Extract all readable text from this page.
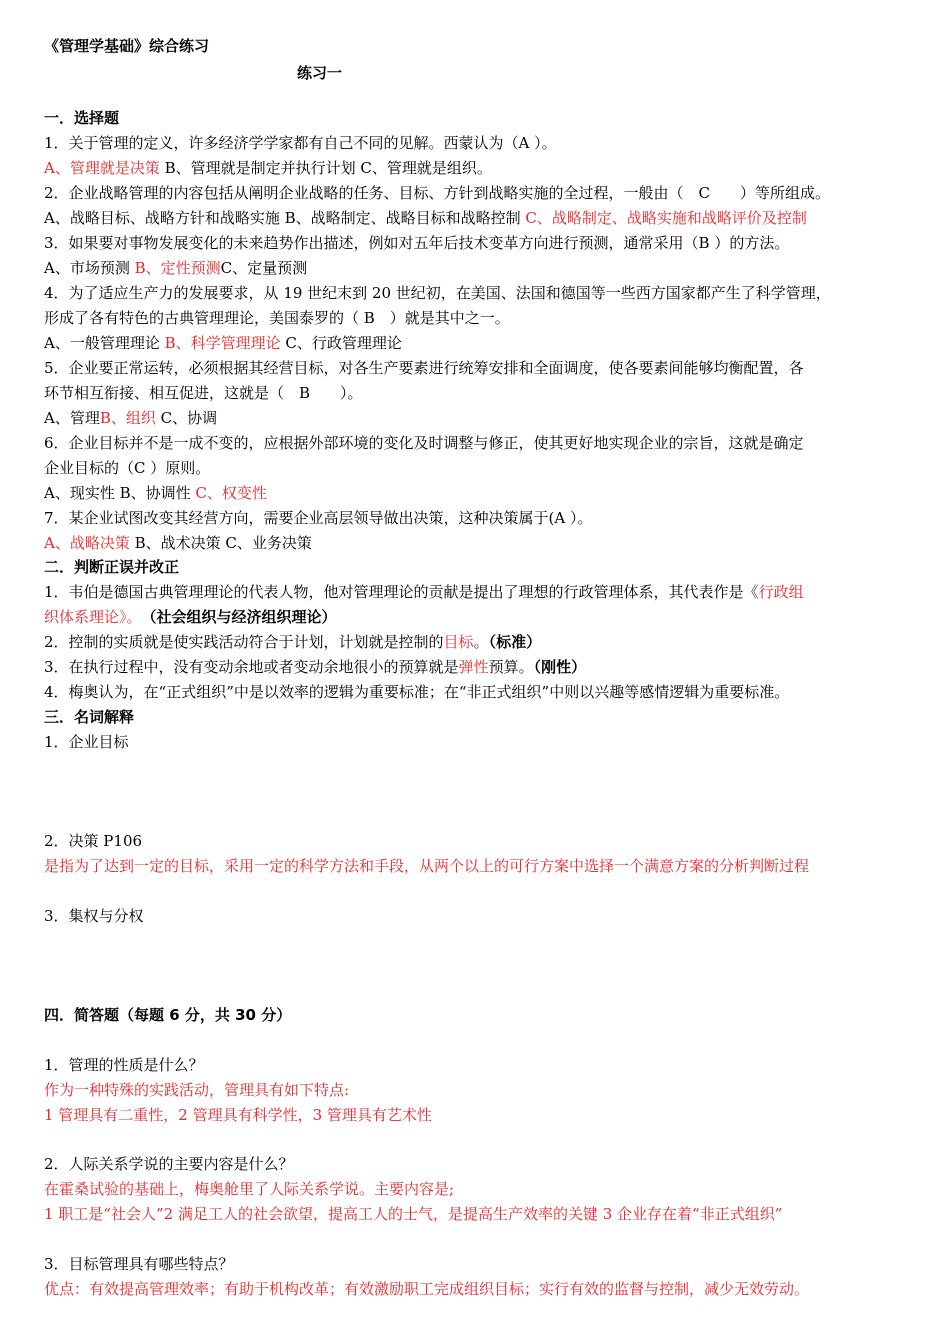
《管理学基础》综合练习
练习一
一．选择题
1．关于管理的定义，许多经济学学家都有自己不同的见解。西蒙认为（A ）。
A、管理就是决策 B、管理就是制定并执行计划 C、管理就是组织。
2．企业战略管理的内容包括从阐明企业战略的任务、目标、方针到战略实施的全过程，一般由（　C　　）等所组成。
A、战略目标、战略方针和战略实施 B、战略制定、战略目标和战略控制 C、战略制定、战略实施和战略评价及控制
3．如果要对事物发展变化的未来趋势作出描述，例如对五年后技术变革方向进行预测，通常采用（B ）的方法。
A、市场预测 B、定性预测C、定量预测
4．为了适应生产力的发展要求，从 19 世纪末到 20 世纪初，在美国、法国和德国等一些西方国家都产生了科学管理，
形成了各有特色的古典管理理论，美国泰罗的（ B　）就是其中之一。
A、一般管理理论 B、科学管理理论 C、行政管理理论
5．企业要正常运转，必须根据其经营目标，对各生产要素进行统筹安排和全面调度，使各要素间能够均衡配置，各
环节相互衔接、相互促进，这就是（　B　　）。
A、管理B、组织 C、协调
6．企业目标并不是一成不变的，应根据外部环境的变化及时调整与修正，使其更好地实现企业的宗旨，这就是确定
企业目标的（C ）原则。
A、现实性 B、协调性 C、权变性
7．某企业试图改变其经营方向，需要企业高层领导做出决策，这种决策属于(A ）。
A、战略决策 B、战术决策 C、业务决策
二．判断正误并改正
1．韦伯是德国古典管理理论的代表人物，他对管理理论的贡献是提出了理想的行政管理体系，其代表作是《行政组
织体系理论》。　（社会组织与经济组织理论）
2．控制的实质就是使实践活动符合于计划，计划就是控制的目标。（标准）
3．在执行过程中，没有变动余地或者变动余地很小的预算就是弹性预算。（刚性）
4．梅奥认为，在“正式组织”中是以效率的逻辑为重要标准；在“非正式组织”中则以兴趣等感情逻辑为重要标准。
三．名词解释
1．企业目标
2．决策 P106
是指为了达到一定的目标，采用一定的科学方法和手段，从两个以上的可行方案中选择一个满意方案的分析判断过程
3．集权与分权
四．简答题（每题 6 分，共 30 分）
1．管理的性质是什么？
作为一种特殊的实践活动，管理具有如下特点:
1 管理具有二重性，2 管理具有科学性，3 管理具有艺术性
2．人际关系学说的主要内容是什么？
在霍桑试验的基础上，梅奥舱里了人际关系学说。主要内容是;
1 职工是“社会人”2 满足工人的社会欲望，提高工人的士气，是提高生产效率的关键 3 企业存在着“非正式组织”
3．目标管理具有哪些特点？
优点：有效提高管理效率；有助于机构改革；有效激励职工完成组织目标；实行有效的监督与控制，减少无效劳动。
